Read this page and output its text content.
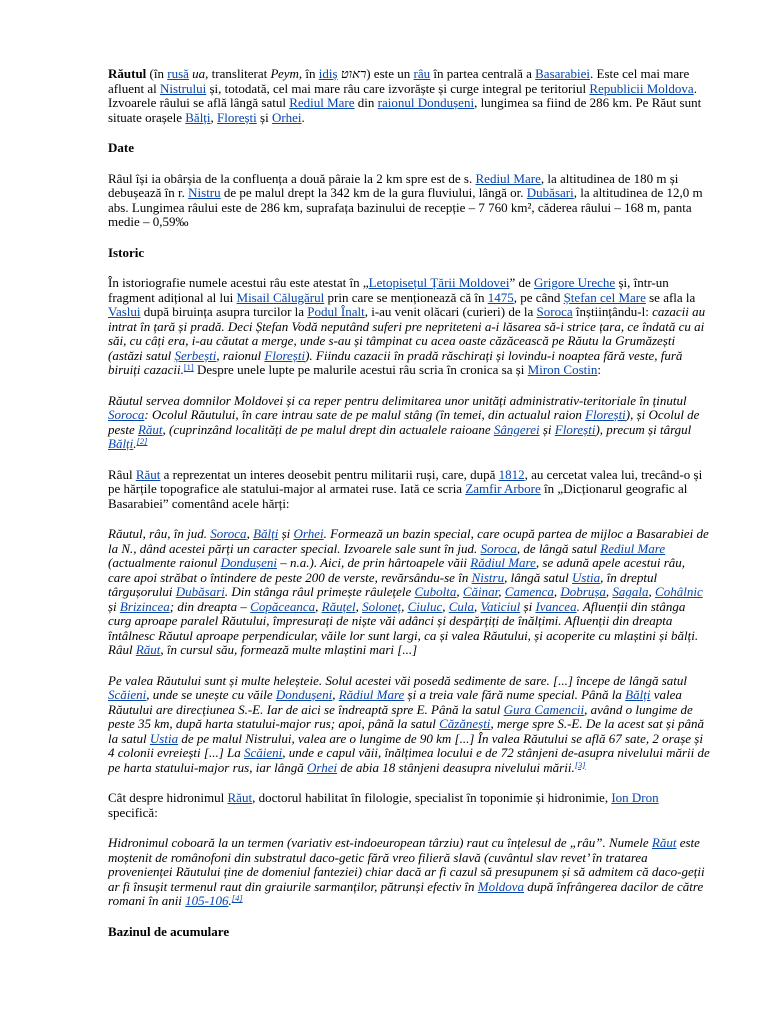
Răutul (în rusă ua, transliterat Реут, în idiș ראוט) este un râu în partea centrală a Basarabiei. Este cel mai mare afluent al Nistrului și, totodată, cel mai mare râu care izvorăște și curge integral pe teritoriul Republicii Moldova. Izvoarele râului se află lângă satul Rediul Mare din raionul Dondușeni, lungimea sa fiind de 286 km. Pe Răut sunt situate orașele Bălți, Florești și Orhei.

Date

Râul își ia obârșia de la confluența a două pâraie la 2 km spre est de s. Rediul Mare, la altitudinea de 180 m și debușează în r. Nistru de pe malul drept la 342 km de la gura fluviului, lângă or. Dubăsari, la altitudinea de 12,0 m abs. Lungimea râului este de 286 km, suprafața bazinului de recepție – 7 760 km², căderea râului – 168 m, panta medie – 0,59‰

Istoric

În istoriografie numele acestui râu este atestat în „Letopisețul Țării Moldovei” de Grigore Ureche și, într-un fragment adițional al lui Misail Călugărul prin care se menționează că în 1475, pe când Ștefan cel Mare se afla la Vaslui după biruința asupra turcilor la Podul Înalt, i-au venit olăcari (curieri) de la Soroca înștiințându-l: cazacii au intrat în țară și pradă. Deci Ștefan Vodă neputând suferi pre nepriteteni a-i lăsarea să-i strice țara, ce îndată cu ai săi, cu câți era, i-au căutat a merge, unde s-au și tâmpinat cu acea oaste căzăcească pe Răutu la Grumăzești (astăzi satul Șerbești, raionul Florești). Fiindu cazacii în pradă răschirați și lovindu-i noaptea fără veste, fură biruiți cazacii.[1] Despre unele lupte pe malurile acestui râu scria în cronica sa și Miron Costin:

Răutul servea domnilor Moldovei și ca reper pentru delimitarea unor unități administrativ-teritoriale în ținutul Soroca: Ocolul Răutului, în care intrau sate de pe malul stâng (în temei, din actualul raion Florești), și Ocolul de peste Răut, (cuprinzând localități de pe malul drept din actualele raioane Sângerei și Florești), precum și târgul Bălți.[2]

Râul Răut a reprezentat un interes deosebit pentru militarii ruși, care, după 1812, au cercetat valea lui, trecând-o și pe hărțile topografice ale statului-major al armatei ruse. Iată ce scria Zamfir Arbore în „Dicționarul geografic al Basarabiei” comentând acele hărți:

Răutul, râu, în jud. Soroca, Bălți și Orhei. Formează un bazin special, care ocupă partea de mijloc a Basarabiei de la N., dând acestei părți un caracter special. Izvoarele sale sunt în jud. Soroca, de lângă satul Rediul Mare (actualmente raionul Dondușeni – n.a.). Aici, de prin hârtoapele văii Rădiul Mare, se adună apele acestui râu, care apoi străbat o întindere de peste 200 de verste, revărsându-se în Nistru, lângă satul Ustia, în dreptul târgușorului Dubăsari. Din stânga râul primește râulețele Cubolta, Căinar, Camenca, Dobrușa, Sagala, Cohâlnic și Brizincea; din dreapta – Copăceanca, Răuțel, Soloneț, Ciuluc, Cula, Vaticiul și Ivancea. Afluenții din stânga curg aproape paralel Răutului, împresurați de niște văi adânci și despărțiți de înălțimi. Afluenții din dreapta întâlnesc Răutul aproape perpendicular, văile lor sunt largi, ca și valea Răutului, și acoperite cu mlaștini și bălți. Râul Răut, în cursul său, formează multe mlaștini mari [...]

Pe valea Răutului sunt și multe heleșteie. Solul acestei văi posedă sedimente de sare. [...] începe de lângă satul Scăieni, unde se unește cu văile Dondușeni, Rădiul Mare și a treia vale fără nume special. Până la Bălți valea Răutului are direcțiunea S.-E. Iar de aici se îndreaptă spre E. Până la satul Gura Camencii, având o lungime de peste 35 km, după harta statului-major rus; apoi, până la satul Căzănești, merge spre S.-E. De la acest sat și până la satul Ustia de pe malul Nistrului, valea are o lungime de 90 km [...] În valea Răutului se află 67 sate, 2 orașe și 4 colonii evreiești [...] La Scăieni, unde e capul văii, înălțimea locului e de 72 stânjeni de-asupra nivelului mării de pe harta statului-major rus, iar lângă Orhei de abia 18 stânjeni deasupra nivelului mării.[3]

Cât despre hidronimul Răut, doctorul habilitat în filologie, specialist în toponimie și hidronimie, Ion Dron specifică:

Hidronimul coboară la un termen (variativ est-indoeuropean târziu) raut cu înțelesul de „râu”. Numele Răut este moștenit de românofoni din substratul daco-getic fără vreo filieră slavă (cuvântul slav revet’ în tratarea provenienței Răutului ține de domeniul fanteziei) chiar dacă ar fi cazul să presupunem și să admitem că daco-geții ar fi însușit termenul raut din graiurile sarmanților, pătrunși efectiv în Moldova după înfrângerea dacilor de către romani în anii 105-106.[4]

Bazinul de acumulare
